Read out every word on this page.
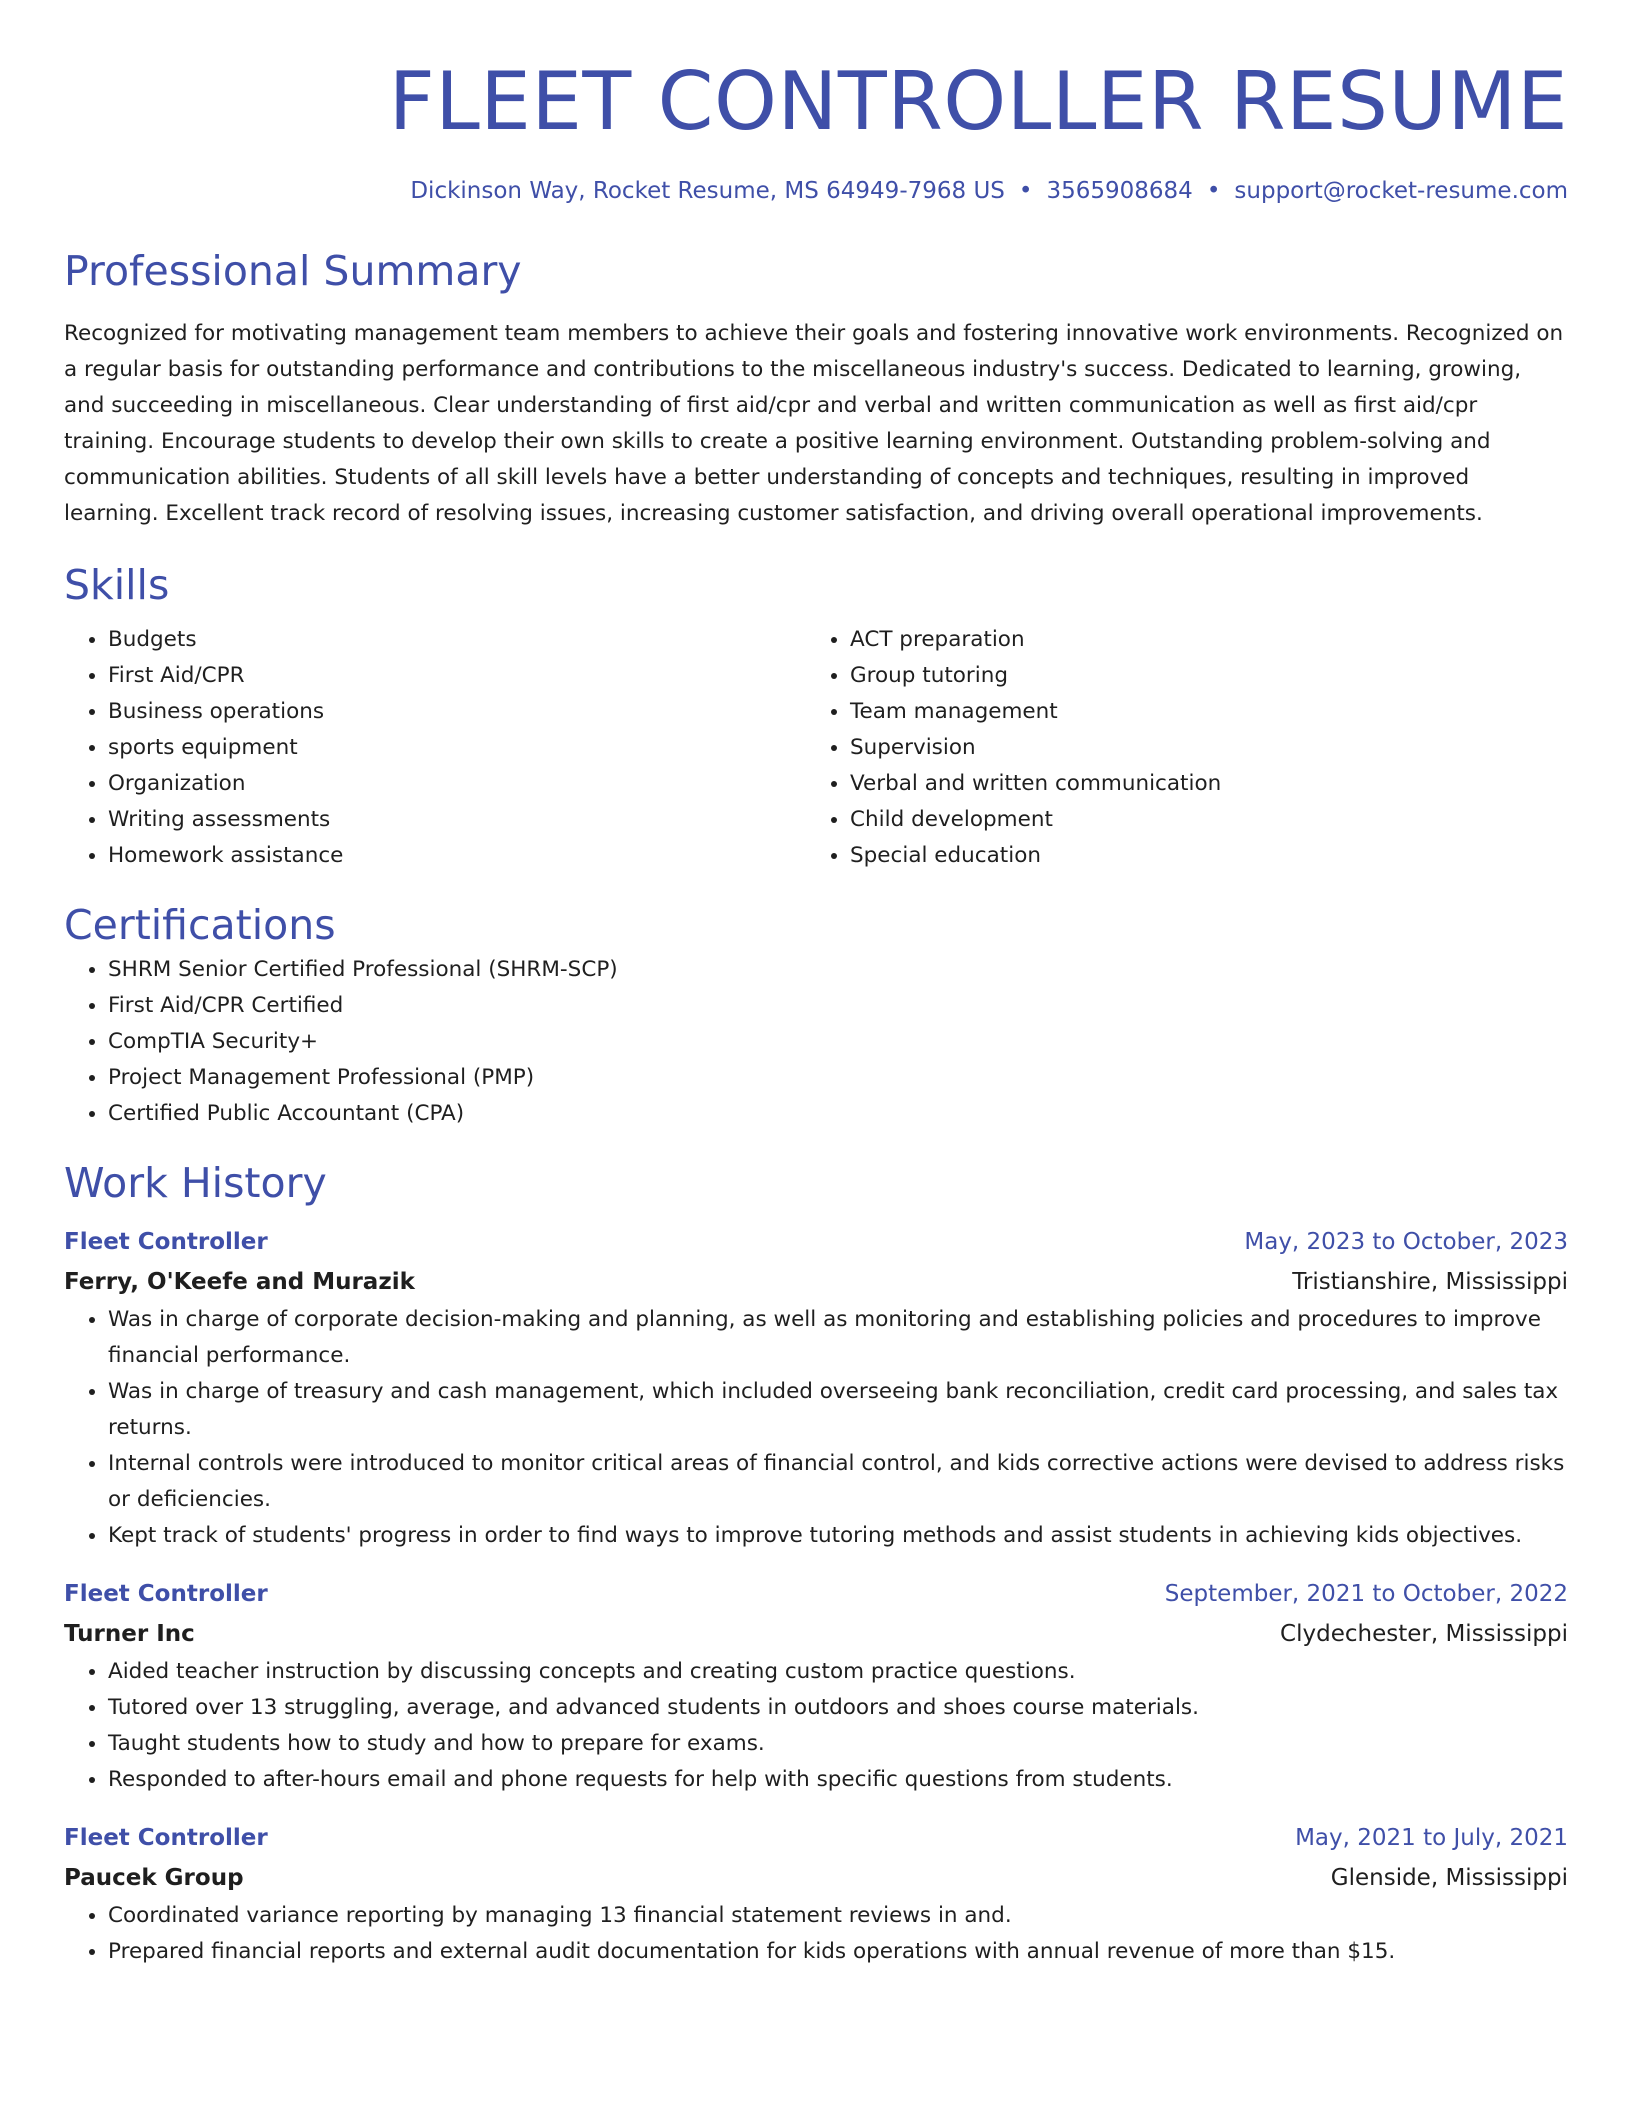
FLEET CONTROLLER RESUME
Dickinson Way, Rocket Resume, MS 64949-7968 US • 3565908684 • support@rocket-resume.com
Professional Summary
Recognized for motivating management team members to achieve their goals and fostering innovative work environments. Recognized on a regular basis for outstanding performance and contributions to the miscellaneous industry's success. Dedicated to learning, growing, and succeeding in miscellaneous. Clear understanding of first aid/cpr and verbal and written communication as well as first aid/cpr training. Encourage students to develop their own skills to create a positive learning environment. Outstanding problem-solving and communication abilities. Students of all skill levels have a better understanding of concepts and techniques, resulting in improved learning. Excellent track record of resolving issues, increasing customer satisfaction, and driving overall operational improvements.
Skills
• Budgets
• First Aid/CPR
• Business operations
• sports equipment
• Organization
• Writing assessments
• Homework assistance
• ACT preparation
• Group tutoring
• Team management
• Supervision
• Verbal and written communication
• Child development
• Special education
Certifications
• SHRM Senior Certified Professional (SHRM-SCP)
• First Aid/CPR Certified
• CompTIA Security+
• Project Management Professional (PMP)
• Certified Public Accountant (CPA)
Work History
Fleet Controller	May, 2023 to October, 2023
Ferry, O'Keefe and Murazik	Tristianshire, Mississippi
• Was in charge of corporate decision-making and planning, as well as monitoring and establishing policies and procedures to improve financial performance.
• Was in charge of treasury and cash management, which included overseeing bank reconciliation, credit card processing, and sales tax returns.
• Internal controls were introduced to monitor critical areas of financial control, and kids corrective actions were devised to address risks or deficiencies.
• Kept track of students' progress in order to find ways to improve tutoring methods and assist students in achieving kids objectives.
Fleet Controller	September, 2021 to October, 2022
Turner Inc	Clydechester, Mississippi
• Aided teacher instruction by discussing concepts and creating custom practice questions.
• Tutored over 13 struggling, average, and advanced students in outdoors and shoes course materials.
• Taught students how to study and how to prepare for exams.
• Responded to after-hours email and phone requests for help with specific questions from students.
Fleet Controller	May, 2021 to July, 2021
Paucek Group	Glenside, Mississippi
• Coordinated variance reporting by managing 13 financial statement reviews in and.
• Prepared financial reports and external audit documentation for kids operations with annual revenue of more than $15.
